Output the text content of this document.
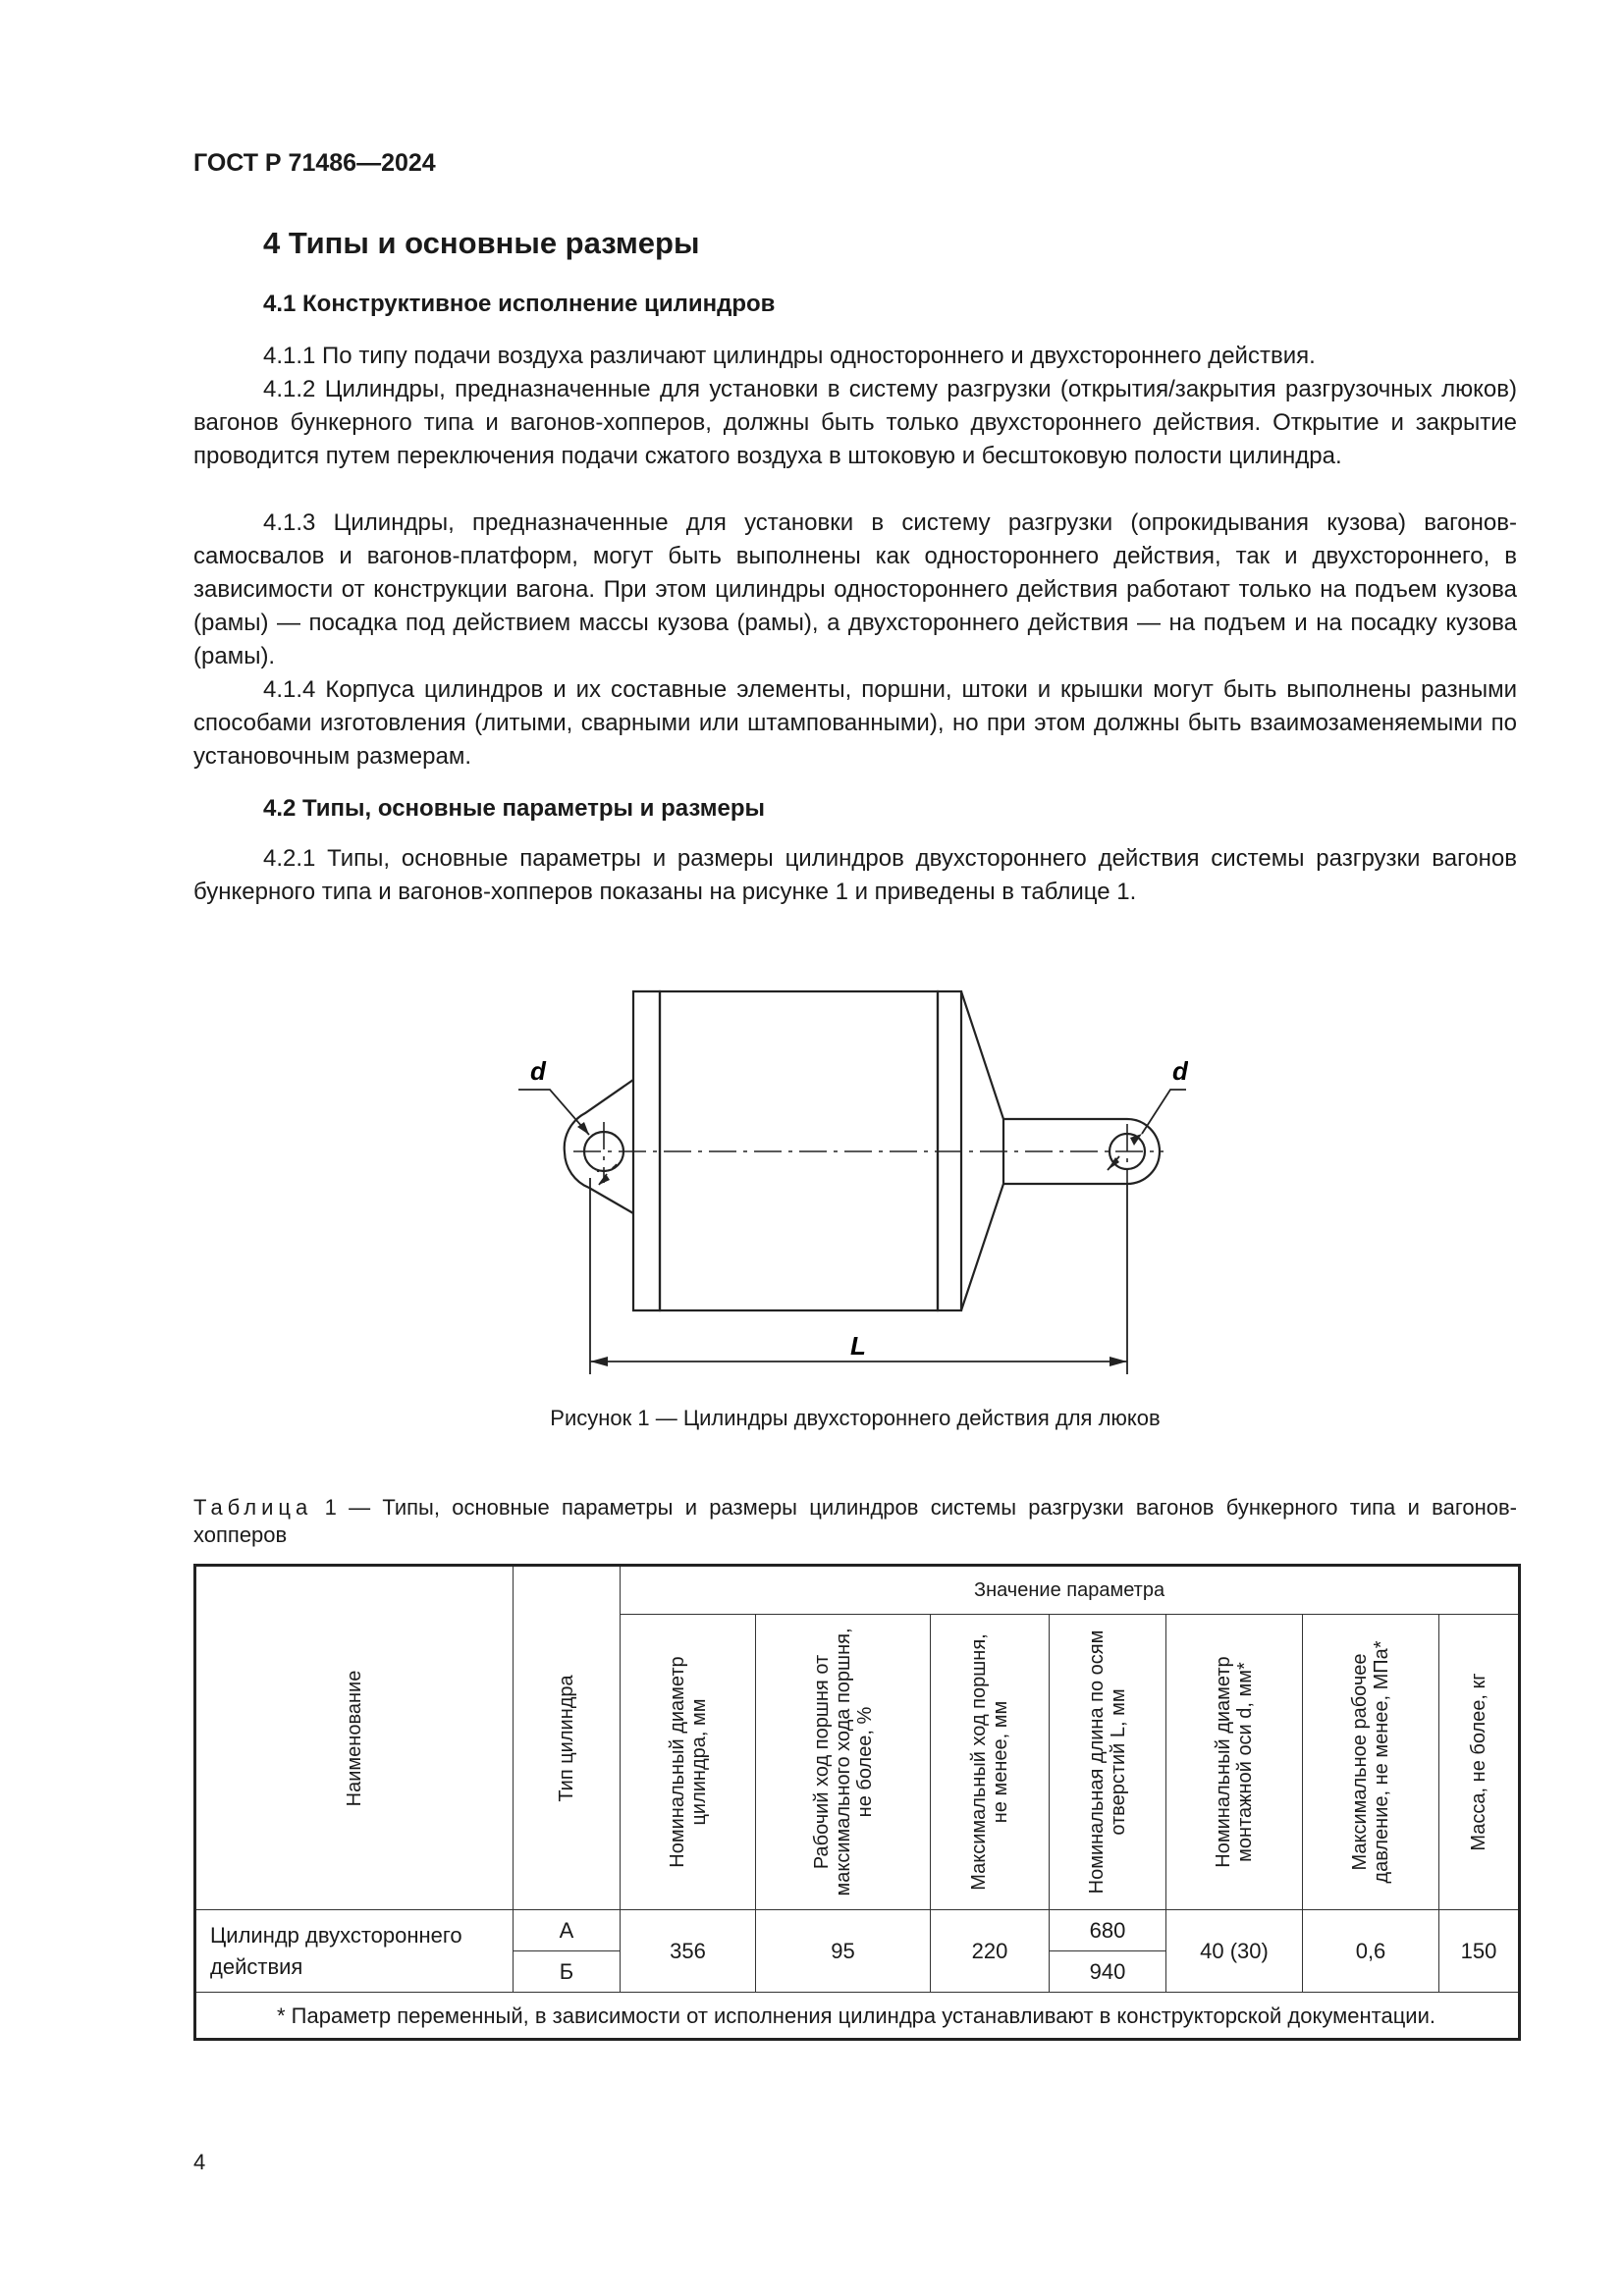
ГОСТ Р 71486—2024
4 Типы и основные размеры
4.1 Конструктивное исполнение цилиндров

4.1.1 По типу подачи воздуха различают цилиндры одностороннего и двухстороннего действия.

4.1.2 Цилиндры, предназначенные для установки в систему разгрузки (открытия/закрытия разгрузочных люков) вагонов бункерного типа и вагонов-хопперов, должны быть только двухстороннего действия. Открытие и закрытие проводится путем переключения подачи сжатого воздуха в штоковую и бесштоковую полости цилиндра.

4.1.3 Цилиндры, предназначенные для установки в систему разгрузки (опрокидывания кузова) вагонов-самосвалов и вагонов-платформ, могут быть выполнены как одностороннего действия, так и двухстороннего, в зависимости от конструкции вагона. При этом цилиндры одностороннего действия работают только на подъем кузова (рамы) — посадка под действием массы кузова (рамы), а двухстороннего действия — на подъем и на посадку кузова (рамы).

4.1.4 Корпуса цилиндров и их составные элементы, поршни, штоки и крышки могут быть выполнены разными способами изготовления (литыми, сварными или штампованными), но при этом должны быть взаимозаменяемыми по установочным размерам.

4.2 Типы, основные параметры и размеры

4.2.1 Типы, основные параметры и размеры цилиндров двухстороннего действия системы разгрузки вагонов бункерного типа и вагонов-хопперов показаны на рисунке 1 и приведены в таблице 1.

d	d
L
Рисунок 1 — Цилиндры двухстороннего действия для люков
Таблица 1 — Типы, основные параметры и размеры цилиндров системы разгрузки вагонов бункерного типа и вагонов-хопперов
Наименование	Тип цилиндра	Значение параметра						

		Номинальный диаметр цилиндра, мм	Рабочий ход поршня от максимального хода поршня, не более, %	Максимальный ход поршня, не менее, мм	Номинальная длина по осям отверстий L, мм	Номинальный диаметр монтажной оси d, мм*	Максимальное рабочее давление, не менее, МПа*	Масса, не более, кг

Цилиндр двухстороннего действия	А	356	95	220	680	40 (30)	0,6	150
	Б				940			
* Параметр переменный, в зависимости от исполнения цилиндра устанавливают в конструкторской документации.								
4
